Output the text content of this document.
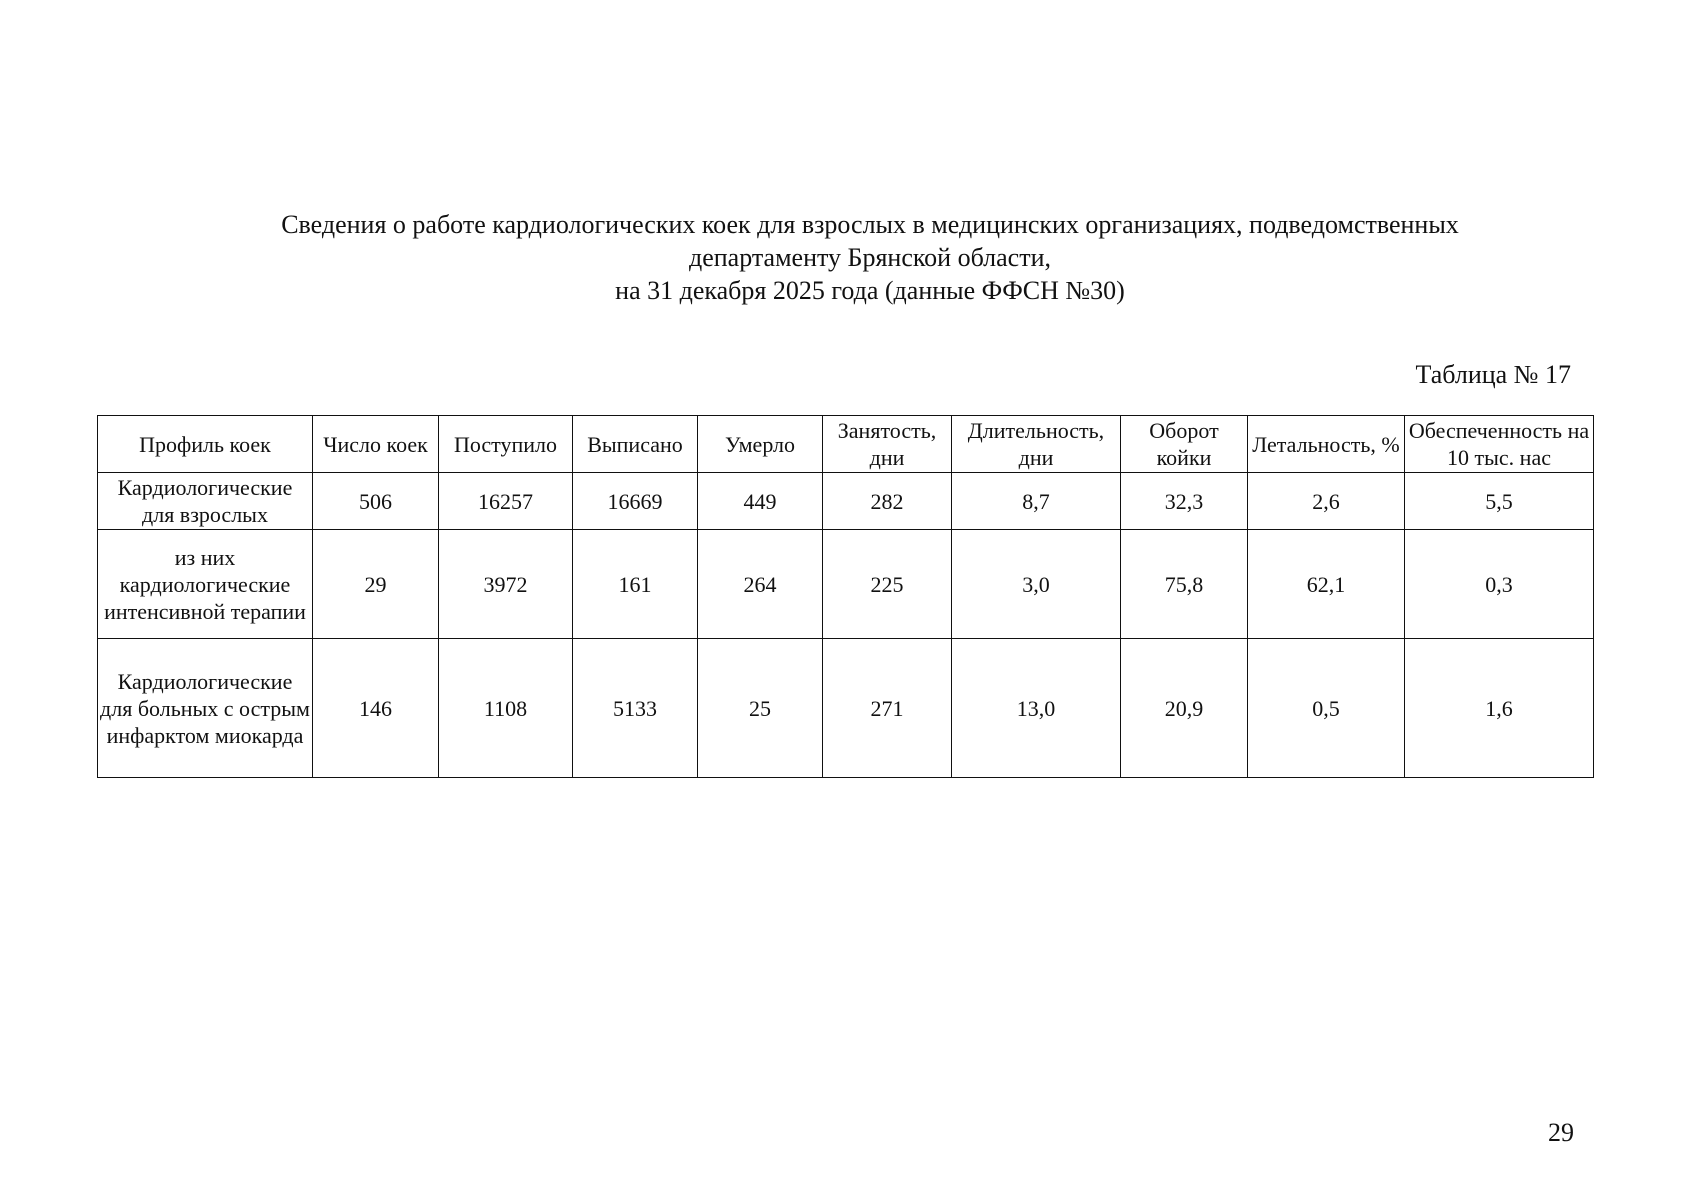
Сведения о работе кардиологических коек для взрослых в медицинских организациях, подведомственных
департаменту Брянской области,
на 31 декабря 2025 года (данные ФФСН №30)
Таблица № 17
Профиль коек	Число коек	Поступило	Выписано	Умерло	Занятость, дни	Длительность, дни	Оборот койки	Летальность, %	Обеспеченность на 10 тыс. нас
Кардиологические для взрослых	506	16257	16669	449	282	8,7	32,3	2,6	5,5
из них кардиологические интенсивной терапии	29	3972	161	264	225	3,0	75,8	62,1	0,3
Кардиологические для больных с острым инфарктом миокарда	146	1108	5133	25	271	13,0	20,9	0,5	1,6
29
